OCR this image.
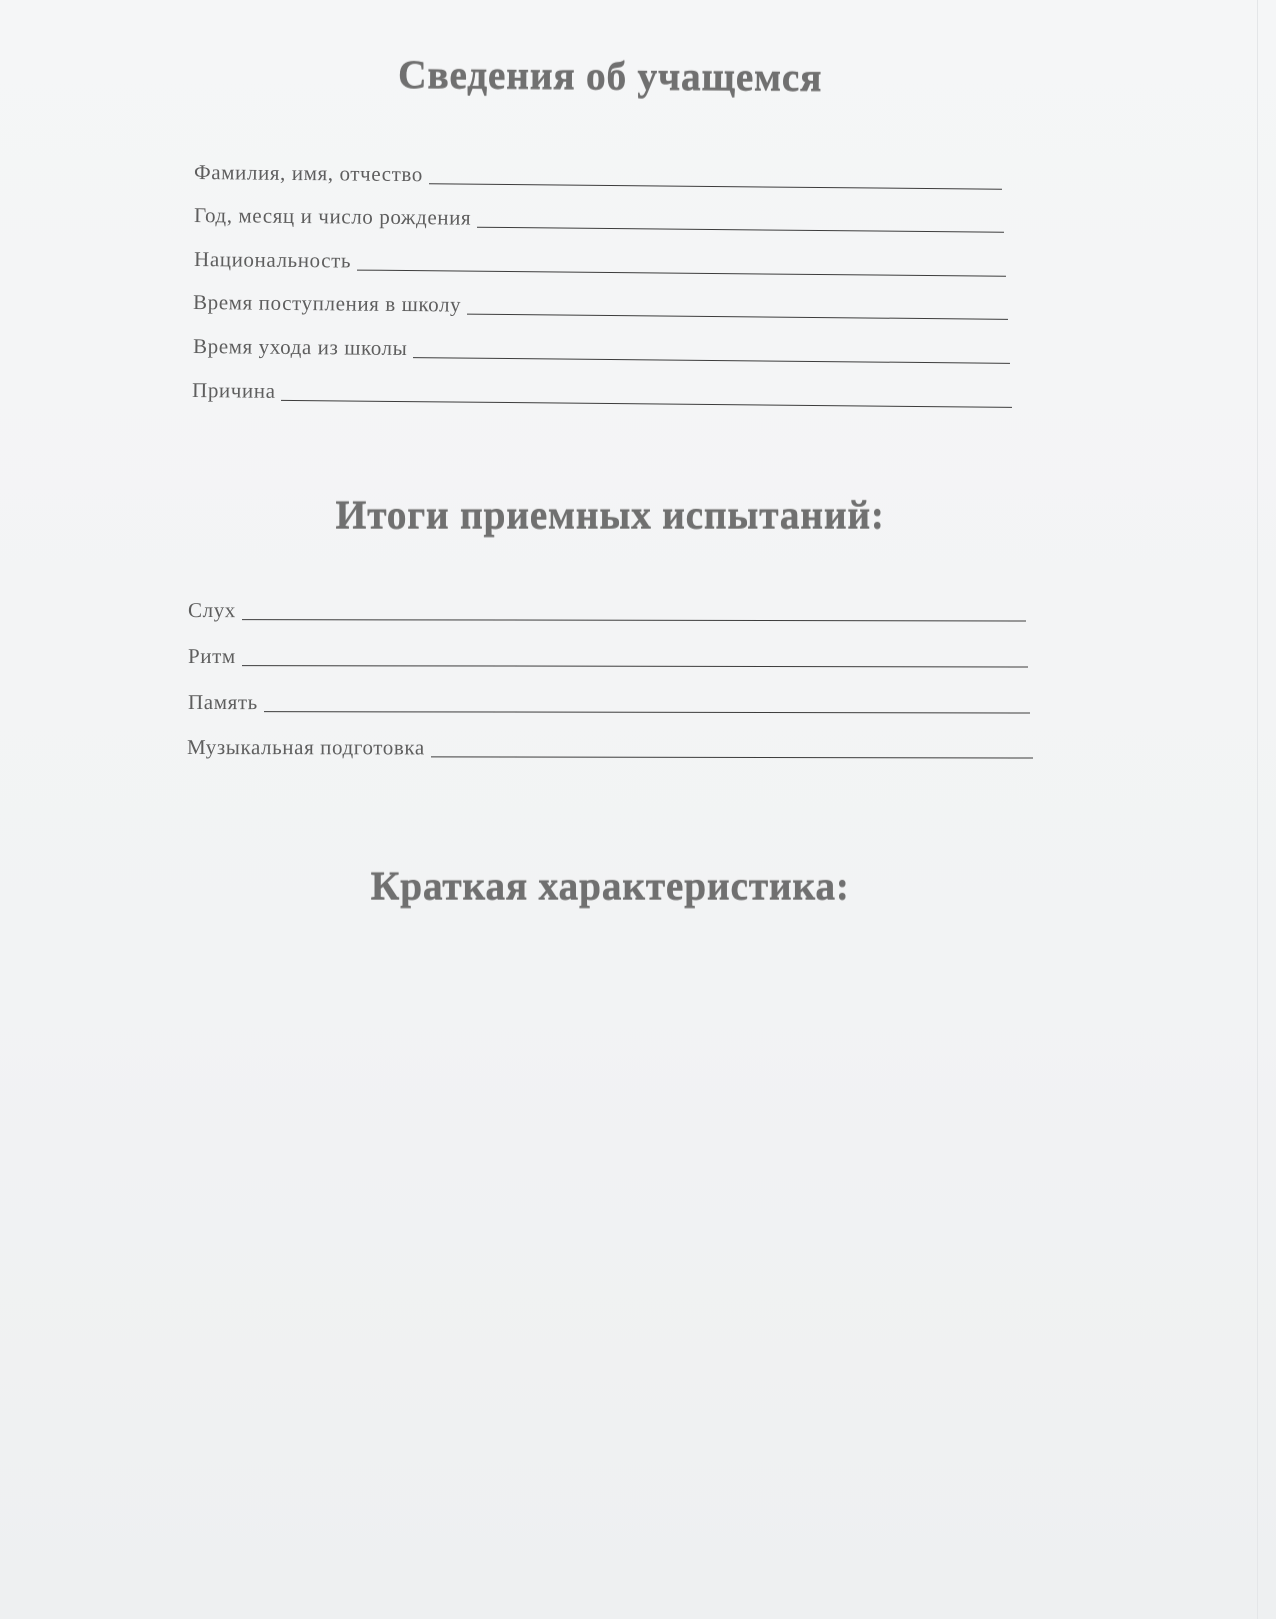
Сведения об учащемся
Фамилия, имя, отчество
Год, месяц и число рождения
Национальность
Время поступления в школу
Время ухода из школы
Причина
Итоги приемных испытаний:
Слух
Ритм
Память
Музыкальная подготовка
Краткая характеристика:
